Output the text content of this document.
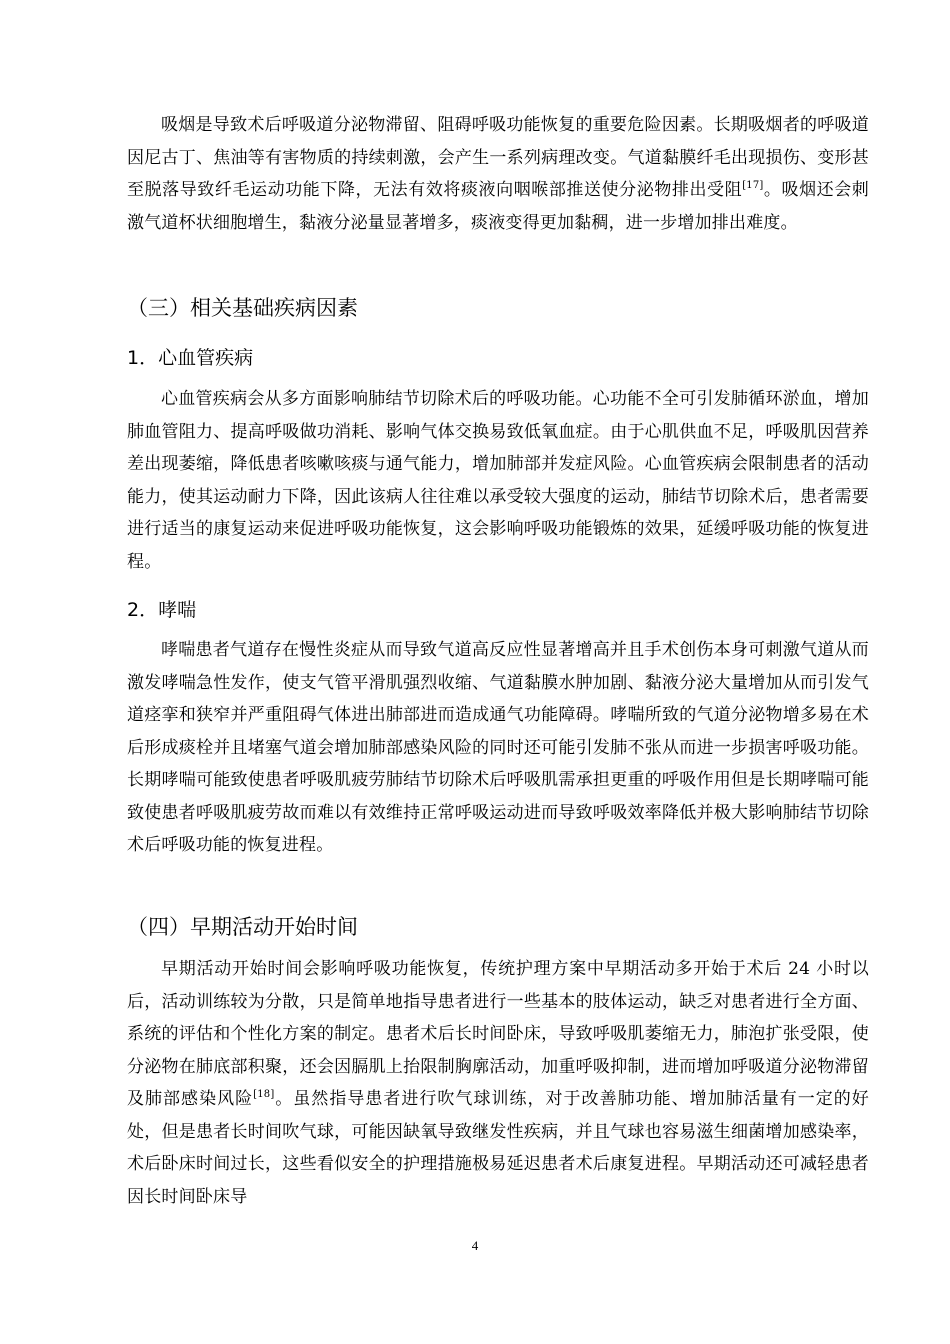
吸烟是导致术后呼吸道分泌物滞留、阻碍呼吸功能恢复的重要危险因素。长期吸烟者的呼吸道因尼古丁、焦油等有害物质的持续刺激，会产生一系列病理改变。气道黏膜纤毛出现损伤、变形甚至脱落导致纤毛运动功能下降，无法有效将痰液向咽喉部推送使分泌物排出受阻[17]。吸烟还会刺激气道杯状细胞增生，黏液分泌量显著增多，痰液变得更加黏稠，进一步增加排出难度。

（三）相关基础疾病因素
1．心血管疾病

心血管疾病会从多方面影响肺结节切除术后的呼吸功能。心功能不全可引发肺循环淤血，增加肺血管阻力、提高呼吸做功消耗、影响气体交换易致低氧血症。由于心肌供血不足，呼吸肌因营养差出现萎缩，降低患者咳嗽咳痰与通气能力，增加肺部并发症风险。心血管疾病会限制患者的活动能力，使其运动耐力下降，因此该病人往往难以承受较大强度的运动，肺结节切除术后，患者需要进行适当的康复运动来促进呼吸功能恢复，这会影响呼吸功能锻炼的效果，延缓呼吸功能的恢复进程。

2．哮喘

哮喘患者气道存在慢性炎症从而导致气道高反应性显著增高并且手术创伤本身可刺激气道从而激发哮喘急性发作，使支气管平滑肌强烈收缩、气道黏膜水肿加剧、黏液分泌大量增加从而引发气道痉挛和狭窄并严重阻碍气体进出肺部进而造成通气功能障碍。哮喘所致的气道分泌物增多易在术后形成痰栓并且堵塞气道会增加肺部感染风险的同时还可能引发肺不张从而进一步损害呼吸功能。长期哮喘可能致使患者呼吸肌疲劳肺结节切除术后呼吸肌需承担更重的呼吸作用但是长期哮喘可能致使患者呼吸肌疲劳故而难以有效维持正常呼吸运动进而导致呼吸效率降低并极大影响肺结节切除术后呼吸功能的恢复进程。

（四）早期活动开始时间

早期活动开始时间会影响呼吸功能恢复，传统护理方案中早期活动多开始于术后 24 小时以后，活动训练较为分散，只是简单地指导患者进行一些基本的肢体运动，缺乏对患者进行全方面、系统的评估和个性化方案的制定。患者术后长时间卧床，导致呼吸肌萎缩无力，肺泡扩张受限，使分泌物在肺底部积聚，还会因膈肌上抬限制胸廓活动，加重呼吸抑制，进而增加呼吸道分泌物滞留及肺部感染风险[18]。虽然指导患者进行吹气球训练，对于改善肺功能、增加肺活量有一定的好处，但是患者长时间吹气球，可能因缺氧导致继发性疾病，并且气球也容易滋生细菌增加感染率，术后卧床时间过长，这些看似安全的护理措施极易延迟患者术后康复进程。早期活动还可减轻患者因长时间卧床导

4
